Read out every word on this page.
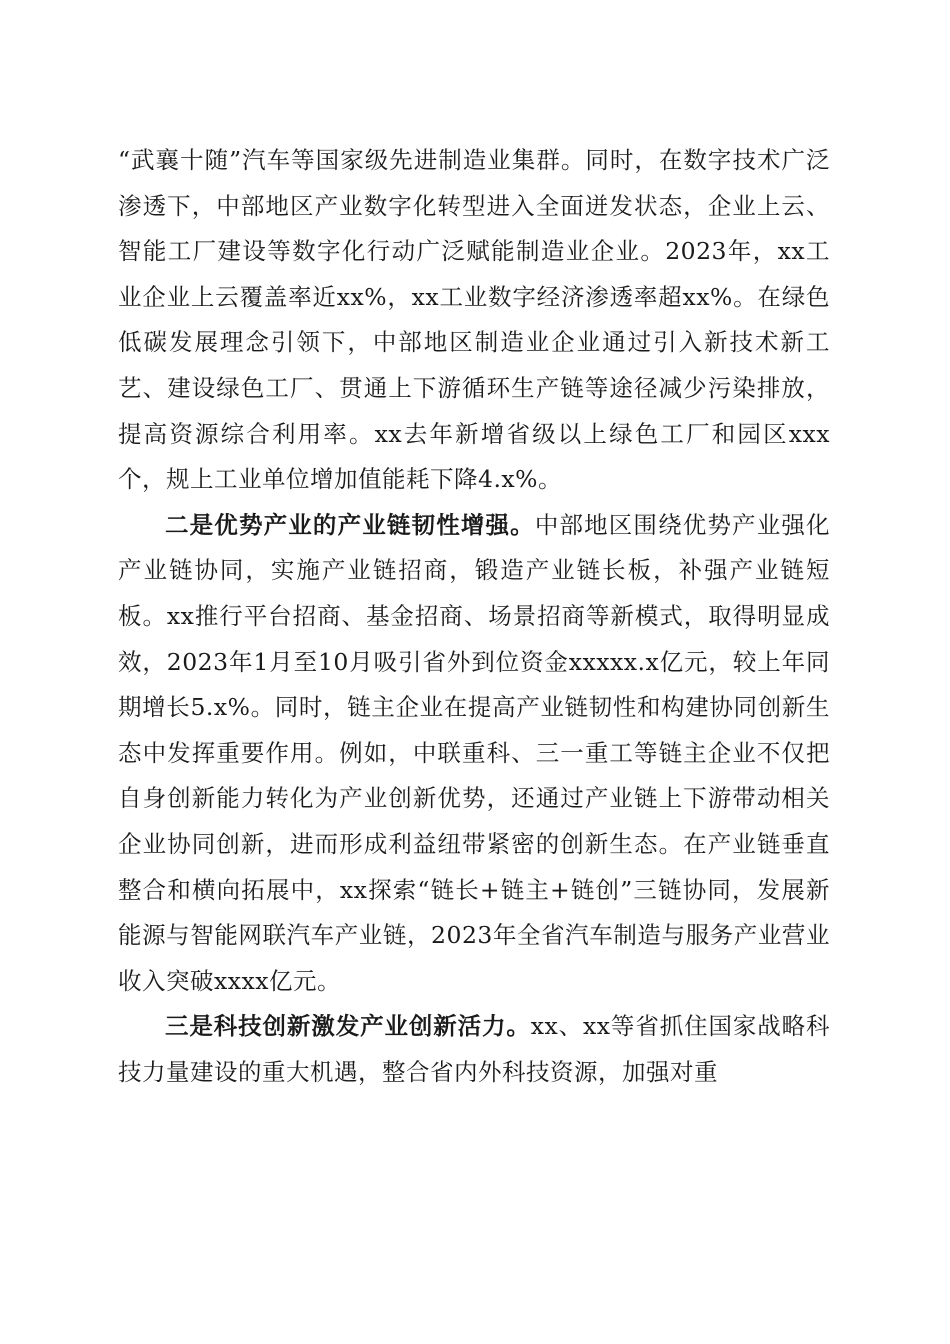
“武襄十随”汽车等国家级先进制造业集群。同时，在数字技术广泛渗透下，中部地区产业数字化转型进入全面迸发状态，企业上云、智能工厂建设等数字化行动广泛赋能制造业企业。2023年，xx工业企业上云覆盖率近xx%，xx工业数字经济渗透率超xx%。在绿色低碳发展理念引领下，中部地区制造业企业通过引入新技术新工艺、建设绿色工厂、贯通上下游循环生产链等途径减少污染排放，提高资源综合利用率。xx去年新增省级以上绿色工厂和园区xxx个，规上工业单位增加值能耗下降4.x%。

二是优势产业的产业链韧性增强。中部地区围绕优势产业强化产业链协同，实施产业链招商，锻造产业链长板，补强产业链短板。xx推行平台招商、基金招商、场景招商等新模式，取得明显成效，2023年1月至10月吸引省外到位资金xxxxx.x亿元，较上年同期增长5.x%。同时，链主企业在提高产业链韧性和构建协同创新生态中发挥重要作用。例如，中联重科、三一重工等链主企业不仅把自身创新能力转化为产业创新优势，还通过产业链上下游带动相关企业协同创新，进而形成利益纽带紧密的创新生态。在产业链垂直整合和横向拓展中，xx探索“链长+链主+链创”三链协同，发展新能源与智能网联汽车产业链，2023年全省汽车制造与服务产业营业收入突破xxxx亿元。

三是科技创新激发产业创新活力。xx、xx等省抓住国家战略科技力量建设的重大机遇，整合省内外科技资源，加强对重
